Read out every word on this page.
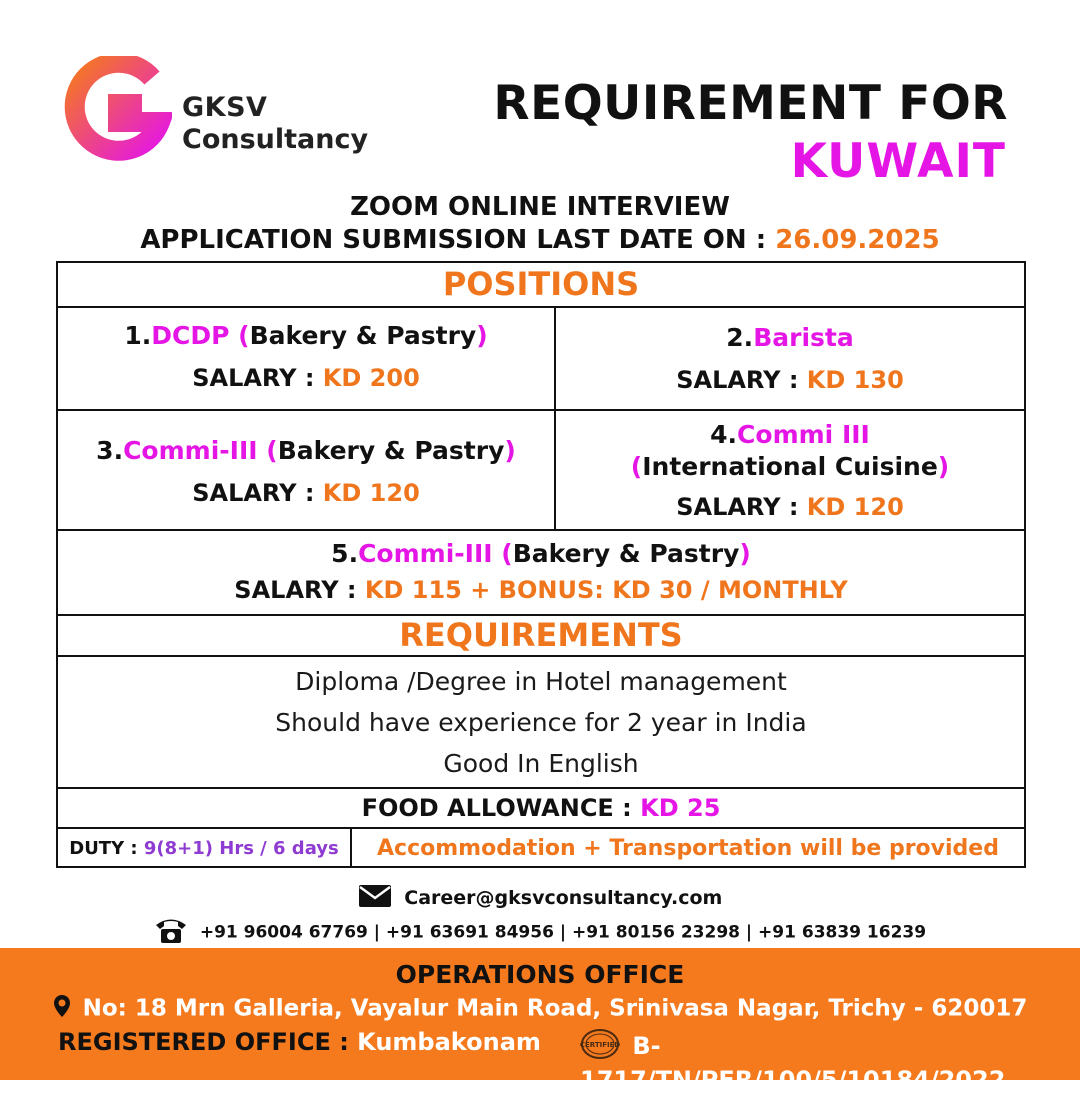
GKSV
Consultancy
REQUIREMENT FOR
KUWAIT
ZOOM ONLINE INTERVIEW
APPLICATION SUBMISSION LAST DATE ON : 26.09.2025
POSITIONS
1.DCDP (Bakery & Pastry)
SALARY : KD 200
2.Barista
SALARY : KD 130
3.Commi-III (Bakery & Pastry)
SALARY : KD 120
4.Commi III
(International Cuisine)
SALARY : KD 120
5.Commi-III (Bakery & Pastry)
SALARY : KD 115 + BONUS: KD 30 / MONTHLY
REQUIREMENTS
Diploma /Degree in Hotel management
Should have experience for 2 year in India
Good In English
FOOD ALLOWANCE : KD 25
DUTY : 9(8+1) Hrs / 6 days	Accommodation + Transportation will be provided
Career@gksvconsultancy.com
+91 96004 67769 | +91 63691 84956 | +91 80156 23298 | +91 63839 16239
OPERATIONS OFFICE
No: 18 Mrn Galleria, Vayalur Main Road, Srinivasa Nagar, Trichy - 620017
REGISTERED OFFICE : Kumbakonam	CERTIFIED B-1717/TN/PER/100/5/10184/2022
